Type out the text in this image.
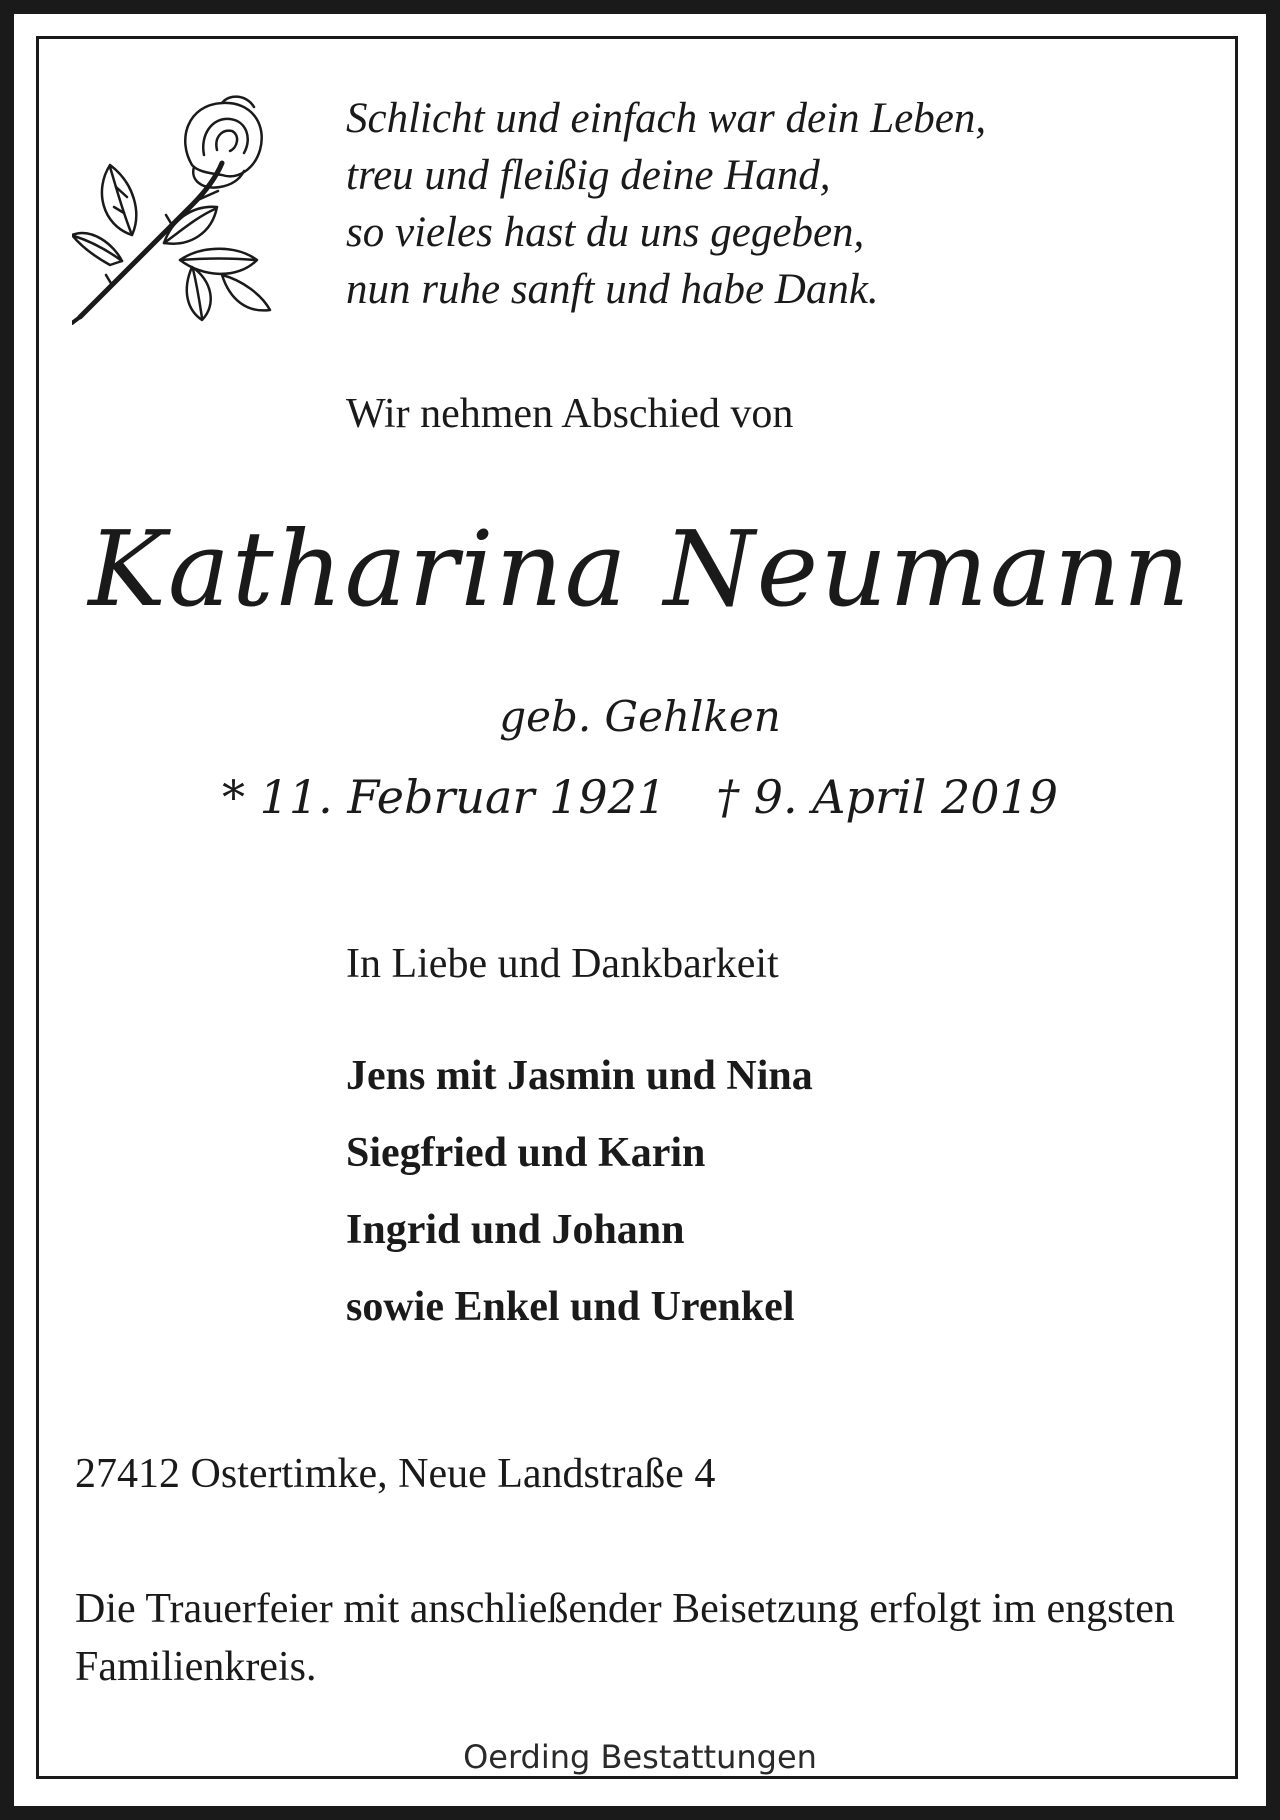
Schlicht und einfach war dein Leben,
treu und fleißig deine Hand,
so vieles hast du uns gegeben,
nun ruhe sanft und habe Dank.
Wir nehmen Abschied von
Katharina Neumann
geb. Gehlken
* 11. Februar 1921 † 9. April 2019
In Liebe und Dankbarkeit
Jens mit Jasmin und Nina
Siegfried und Karin
Ingrid und Johann
sowie Enkel und Urenkel
27412 Ostertimke, Neue Landstraße 4
Die Trauerfeier mit anschließender Beisetzung erfolgt im engsten Familienkreis.
Oerding Bestattungen
